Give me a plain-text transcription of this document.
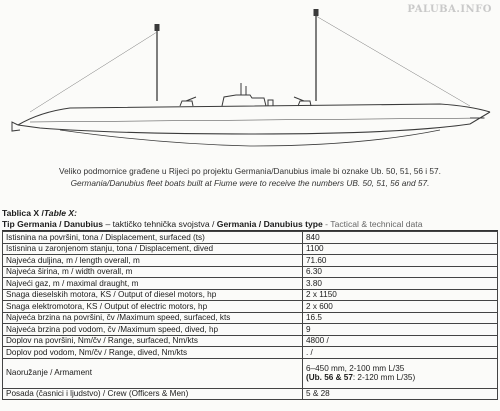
PALUBA.INFO
Veliko podmornice građene u Rijeci po projektu Germania/Danubius imale bi oznake Ub. 50, 51, 56 i 57.
Germania/Danubius fleet boats built at Fiume were to receive the numbers UB. 50, 51, 56 and 57.
Tablica X /Table X:
Tip Germania / Danubius – taktičko tehnička svojstva / Germania / Danubius type - Tactical & technical data
Istisnina na površini, tona / Displacement, surfaced (ts)	840
Istisnina u zaronjenom stanju, tona / Displacement, dived	1100
Najveća duljina, m / length overall, m	71.60
Najveća širina, m / width overall, m	6.30
Najveći gaz, m / maximal draught, m	3.80
Snaga dieselskih motora, KS / Output of diesel motors, hp	2 x 1150
Snaga elektromotora, KS / Output of electric motors, hp	2 x 600
Najveća brzina na površini, čv /Maximum speed, surfaced, kts	16.5
Najveća brzina pod vodom, čv /Maximum speed, dived, hp	9
Doplov na površini, Nm/čv / Range, surfaced, Nm/kts	4800 /
Doplov pod vodom, Nm/čv / Range, dived, Nm/kts	. /
Naoružanje / Armament	6–450 mm, 2-100 mm L/35
(Ub. 56 & 57: 2-120 mm L/35)

Posada (časnici i ljudstvo) / Crew (Officers & Men)	5 & 28
